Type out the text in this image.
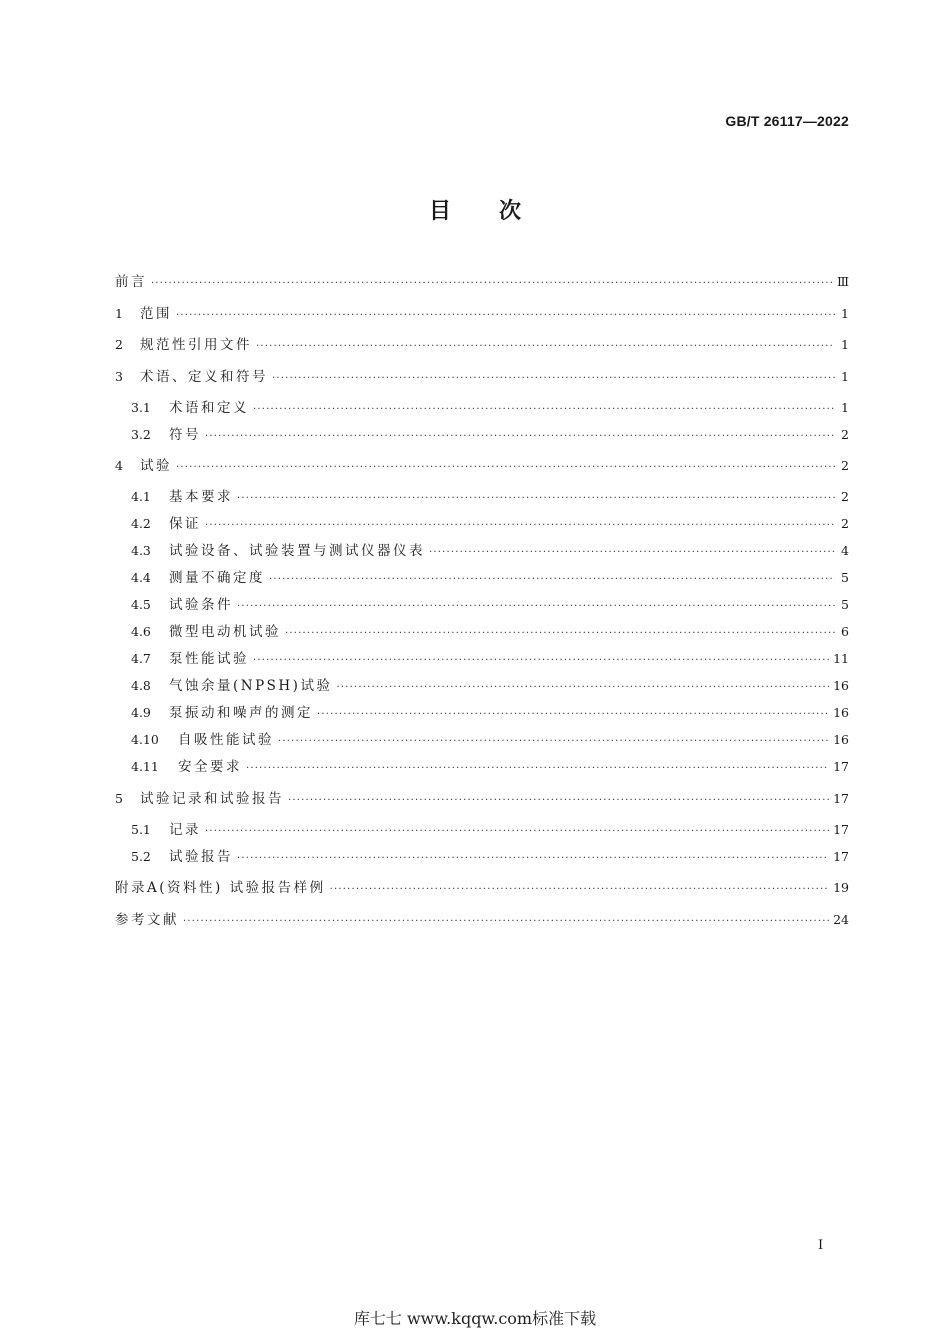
GB/T 26117—2022
目次
前言 ·····	Ⅲ
1	范围 ·····	1
2	规范性引用文件 ·····	1
3	术语、定义和符号 ·····	1
3.1	术语和定义 ·····	1
3.2	符号 ·····	2
4	试验 ·····	2
4.1	基本要求 ·····	2
4.2	保证 ·····	2
4.3	试验设备、试验装置与测试仪器仪表 ·····	4
4.4	测量不确定度 ·····	5
4.5	试验条件 ·····	5
4.6	微型电动机试验 ·····	6
4.7	泵性能试验 ·····	11
4.8	气蚀余量(NPSH)试验 ·····	16
4.9	泵振动和噪声的测定 ·····	16
4.10	自吸性能试验 ·····	16
4.11	安全要求 ·····	17
5	试验记录和试验报告 ·····	17
5.1	记录 ·····	17
5.2	试验报告 ·····	17
附录A(资料性) 试验报告样例 ·····	19
参考文献 ·····	24
I
库七七 www.kqqw.com标准下载
